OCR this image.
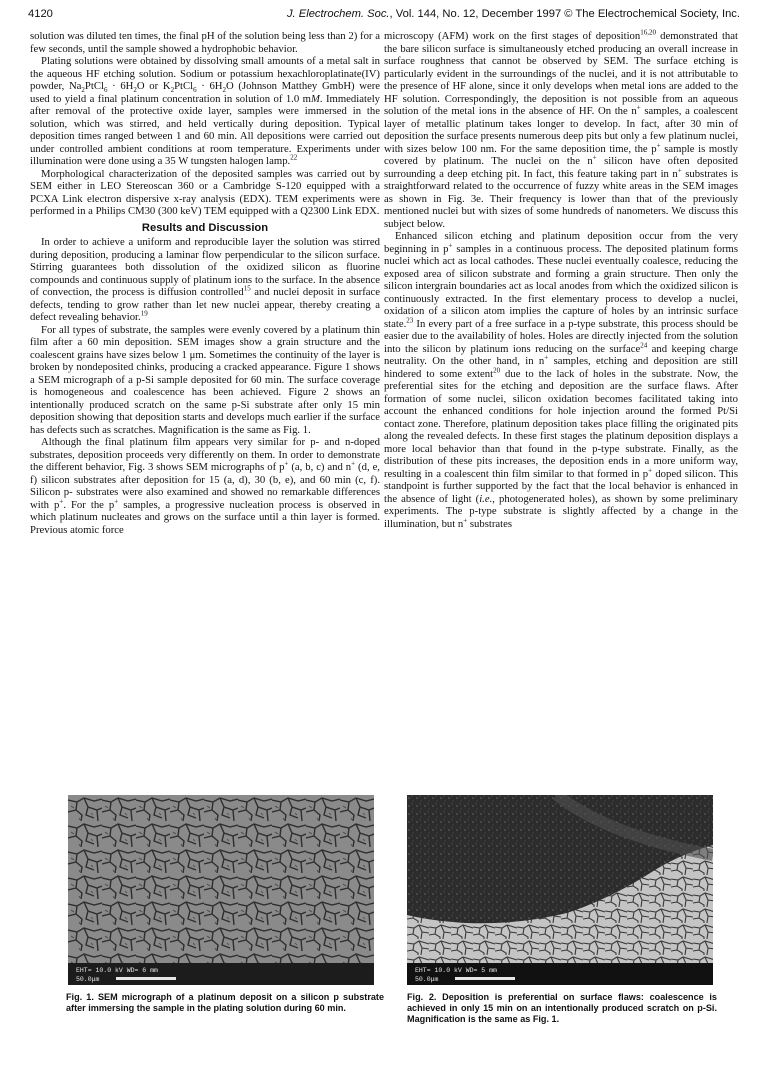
4120	J. Electrochem. Soc., Vol. 144, No. 12, December 1997 © The Electrochemical Society, Inc.

solution was diluted ten times, the final pH of the solution being less than 2) for a few seconds, until the sample showed a hydrophobic behavior.

Plating solutions were obtained by dissolving small amounts of a metal salt in the aqueous HF etching solution. Sodium or potassium hexachloroplatinate(IV) powder, $Na_2PtCl_6 \cdot 6H_2O$ or $K_2PtCl_6 \cdot 6H_2O$ (Johnson Matthey GmbH) were used to yield a final platinum concentration in solution of 1.0 mM. Immediately after removal of the protective oxide layer, samples were immersed in the solution, which was stirred, and held vertically during deposition. Typical deposition times ranged between 1 and 60 min. All depositions were carried out under controlled ambient conditions at room temperature. Experiments under illumination were done using a 35 W tungsten halogen lamp.$^{22}$

Morphological characterization of the deposited samples was carried out by SEM either in LEO Stereoscan 360 or a Cambridge S-120 equipped with a PCXA Link electron dispersive x-ray analysis (EDX). TEM experiments were performed in a Philips CM30 (300 keV) TEM equipped with a Q2300 Link EDX.

Results and Discussion

In order to achieve a uniform and reproducible layer the solution was stirred during deposition, producing a laminar flow perpendicular to the silicon surface. Stirring guarantees both dissolution of the oxidized silicon as fluorine compounds and continuous supply of platinum ions to the surface. In the absence of convection, the process is diffusion controlled$^{15}$ and nuclei deposit in surface defects, tending to grow rather than let new nuclei appear, thereby creating a defect revealing behavior.$^{19}$

For all types of substrate, the samples were evenly covered by a platinum thin film after a 60 min deposition. SEM images show a grain structure and the coalescent grains have sizes below 1 μm. Sometimes the continuity of the layer is broken by nondeposited chinks, producing a cracked appearance. Figure 1 shows a SEM micrograph of a p-Si sample deposited for 60 min. The surface coverage is homogeneous and coalescence has been achieved. Figure 2 shows an intentionally produced scratch on the same p-Si substrate after only 15 min deposition showing that deposition starts and develops much earlier if the surface has defects such as scratches. Magnification is the same as Fig. 1.

Although the final platinum film appears very similar for p- and n-doped substrates, deposition proceeds very differently on them. In order to demonstrate the different behavior, Fig. 3 shows SEM micrographs of p+ (a, b, c) and n+ (d, e, f) silicon substrates after deposition for 15 (a, d), 30 (b, e), and 60 min (c, f). Silicon p- substrates were also examined and showed no remarkable differences with p+. For the p+ samples, a progressive nucleation process is observed in which platinum nucleates and grows on the surface until a thin layer is formed. Previous atomic force

microscopy (AFM) work on the first stages of deposition$^{16,20}$ demonstrated that the bare silicon surface is simultaneously etched producing an overall increase in surface roughness that cannot be observed by SEM. The surface etching is particularly evident in the surroundings of the nuclei, and it is not attributable to the presence of HF alone, since it only develops when metal ions are added to the HF solution. Correspondingly, the deposition is not possible from an aqueous solution of the metal ions in the absence of HF. On the n+ samples, a coalescent layer of metallic platinum takes longer to develop. In fact, after 30 min of deposition the surface presents numerous deep pits but only a few platinum nuclei, with sizes below 100 nm. For the same deposition time, the p+ sample is mostly covered by platinum. The nuclei on the n+ silicon have often deposited surrounding a deep etching pit. In fact, this feature taking part in n+ substrates is straightforward related to the occurrence of fuzzy white areas in the SEM images as shown in Fig. 3e. Their frequency is lower than that of the previously mentioned nuclei but with sizes of some hundreds of nanometers. We discuss this subject below.

Enhanced silicon etching and platinum deposition occur from the very beginning in p+ samples in a continuous process. The deposited platinum forms nuclei which act as local cathodes. These nuclei eventually coalesce, reducing the exposed area of silicon substrate and forming a grain structure. Then only the silicon intergrain boundaries act as local anodes from which the oxidized silicon is continuously extracted. In the first elementary process to develop a nuclei, oxidation of a silicon atom implies the capture of holes by an intrinsic surface state.$^{23}$ In every part of a free surface in a p-type substrate, this process should be easier due to the availability of holes. Holes are directly injected from the solution into the silicon by platinum ions reducing on the surface$^{24}$ and keeping charge neutrality. On the other hand, in n+ samples, etching and deposition are still hindered to some extent$^{20}$ due to the lack of holes in the substrate. Now, the preferential sites for the etching and deposition are the surface flaws. After formation of some nuclei, silicon oxidation becomes facilitated taking into account the enhanced conditions for hole injection around the formed Pt/Si contact zone. Therefore, platinum deposition takes place filling the originated pits along the revealed defects. In these first stages the platinum deposition displays a more local behavior than that found in the p-type substrate. Finally, as the distribution of these pits increases, the deposition ends in a more uniform way, resulting in a coalescent thin film similar to that formed in p+ doped silicon. This standpoint is further supported by the fact that the local behavior is enhanced in the absence of light (i.e., photogenerated holes), as shown by some preliminary experiments. The p-type substrate is slightly affected by a change in the illumination, but n+ substrates

EHT= 10.0 kV WD= 6 mm
50.0μm
EHT= 10.0 kV WD= 5 mm
50.0μm
Fig. 1. SEM micrograph of a platinum deposit on a silicon p substrate after immersing the sample in the plating solution during 60 min.
Fig. 2. Deposition is preferential on surface flaws: coalescence is achieved in only 15 min on an intentionally produced scratch on p-Si. Magnification is the same as Fig. 1.
